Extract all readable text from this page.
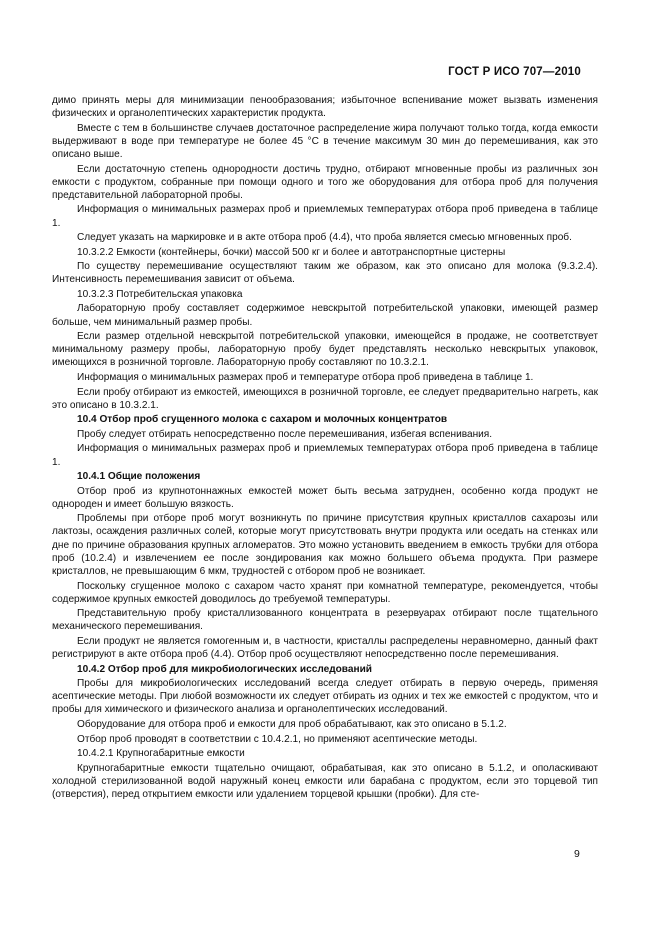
ГОСТ Р ИСО 707—2010

димо принять меры для минимизации пенообразования; избыточное вспенивание может вызвать изменения физических и органолептических характеристик продукта.

Вместе с тем в большинстве случаев достаточное распределение жира получают только тогда, когда емкости выдерживают в воде при температуре не более 45 °С в течение максимум 30 мин до перемешивания, как это описано выше.

Если достаточную степень однородности достичь трудно, отбирают мгновенные пробы из различных зон емкости с продуктом, собранные при помощи одного и того же оборудования для отбора проб для получения представительной лабораторной пробы.

Информация о минимальных размерах проб и приемлемых температурах отбора проб приведена в таблице 1.

Следует указать на маркировке и в акте отбора проб (4.4), что проба является смесью мгновенных проб.

10.3.2.2 Емкости (контейнеры, бочки) массой 500 кг и более и автотранспортные цистерны

По существу перемешивание осуществляют таким же образом, как это описано для молока (9.3.2.4). Интенсивность перемешивания зависит от объема.

10.3.2.3 Потребительская упаковка

Лабораторную пробу составляет содержимое невскрытой потребительской упаковки, имеющей размер больше, чем минимальный размер пробы.

Если размер отдельной невскрытой потребительской упаковки, имеющейся в продаже, не соответствует минимальному размеру пробы, лабораторную пробу будет представлять несколько невскрытых упаковок, имеющихся в розничной торговле. Лабораторную пробу составляют по 10.3.2.1.

Информация о минимальных размерах проб и температуре отбора проб приведена в таблице 1.

Если пробу отбирают из емкостей, имеющихся в розничной торговле, ее следует предварительно нагреть, как это описано в 10.3.2.1.

10.4 Отбор проб сгущенного молока с сахаром и молочных концентратов

Пробу следует отбирать непосредственно после перемешивания, избегая вспенивания.

Информация о минимальных размерах проб и приемлемых температурах отбора проб приведена в таблице 1.

10.4.1 Общие положения

Отбор проб из крупнотоннажных емкостей может быть весьма затруднен, особенно когда продукт не однороден и имеет большую вязкость.

Проблемы при отборе проб могут возникнуть по причине присутствия крупных кристаллов сахарозы или лактозы, осаждения различных солей, которые могут присутствовать внутри продукта или оседать на стенках или дне по причине образования крупных агломератов. Это можно установить введением в емкость трубки для отбора проб (10.2.4) и извлечением ее после зондирования как можно большего объема продукта. При размере кристаллов, не превышающим 6 мкм, трудностей с отбором проб не возникает.

Поскольку сгущенное молоко с сахаром часто хранят при комнатной температуре, рекомендуется, чтобы содержимое крупных емкостей доводилось до требуемой температуры.

Представительную пробу кристаллизованного концентрата в резервуарах отбирают после тщательного механического перемешивания.

Если продукт не является гомогенным и, в частности, кристаллы распределены неравномерно, данный факт регистрируют в акте отбора проб (4.4). Отбор проб осуществляют непосредственно после перемешивания.

10.4.2 Отбор проб для микробиологических исследований

Пробы для микробиологических исследований всегда следует отбирать в первую очередь, применяя асептические методы. При любой возможности их следует отбирать из одних и тех же емкостей с продуктом, что и пробы для химического и физического анализа и органолептических исследований.

Оборудование для отбора проб и емкости для проб обрабатывают, как это описано в 5.1.2.

Отбор проб проводят в соответствии с 10.4.2.1, но применяют асептические методы.

10.4.2.1 Крупногабаритные емкости

Крупногабаритные емкости тщательно очищают, обрабатывая, как это описано в 5.1.2, и ополаскивают холодной стерилизованной водой наружный конец емкости или барабана с продуктом, если это торцевой тип (отверстия), перед открытием емкости или удалением торцевой крышки (пробки). Для сте-

9
